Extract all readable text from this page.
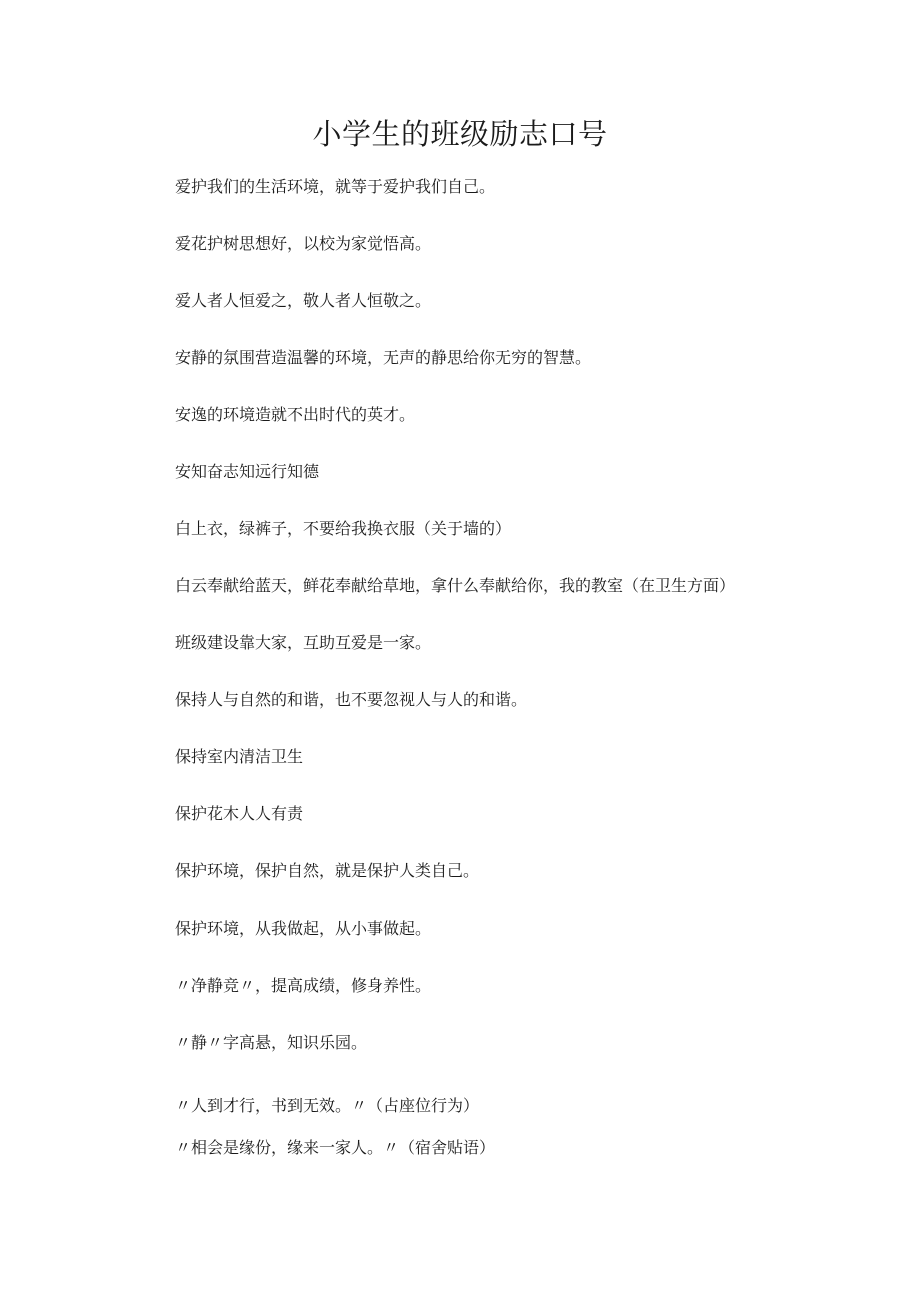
小学生的班级励志口号

爱护我们的生活环境，就等于爱护我们自己。

爱花护树思想好，以校为家觉悟高。

爱人者人恒爱之，敬人者人恒敬之。

安静的氛围营造温馨的环境，无声的静思给你无穷的智慧。

安逸的环境造就不出时代的英才。

安知奋志知远行知德

白上衣，绿裤子，不要给我换衣服（关于墙的）

白云奉献给蓝天，鲜花奉献给草地，拿什么奉献给你，我的教室（在卫生方面）

班级建设靠大家，互助互爱是一家。

保持人与自然的和谐，也不要忽视人与人的和谐。

保持室内清洁卫生

保护花木人人有责

保护环境，保护自然，就是保护人类自己。

保护环境，从我做起，从小事做起。

〃净静竞〃，提高成绩，修身养性。

〃静〃字高悬，知识乐园。

〃人到才行，书到无效。〃（占座位行为）

〃相会是缘份，缘来一家人。〃（宿舍贴语）
